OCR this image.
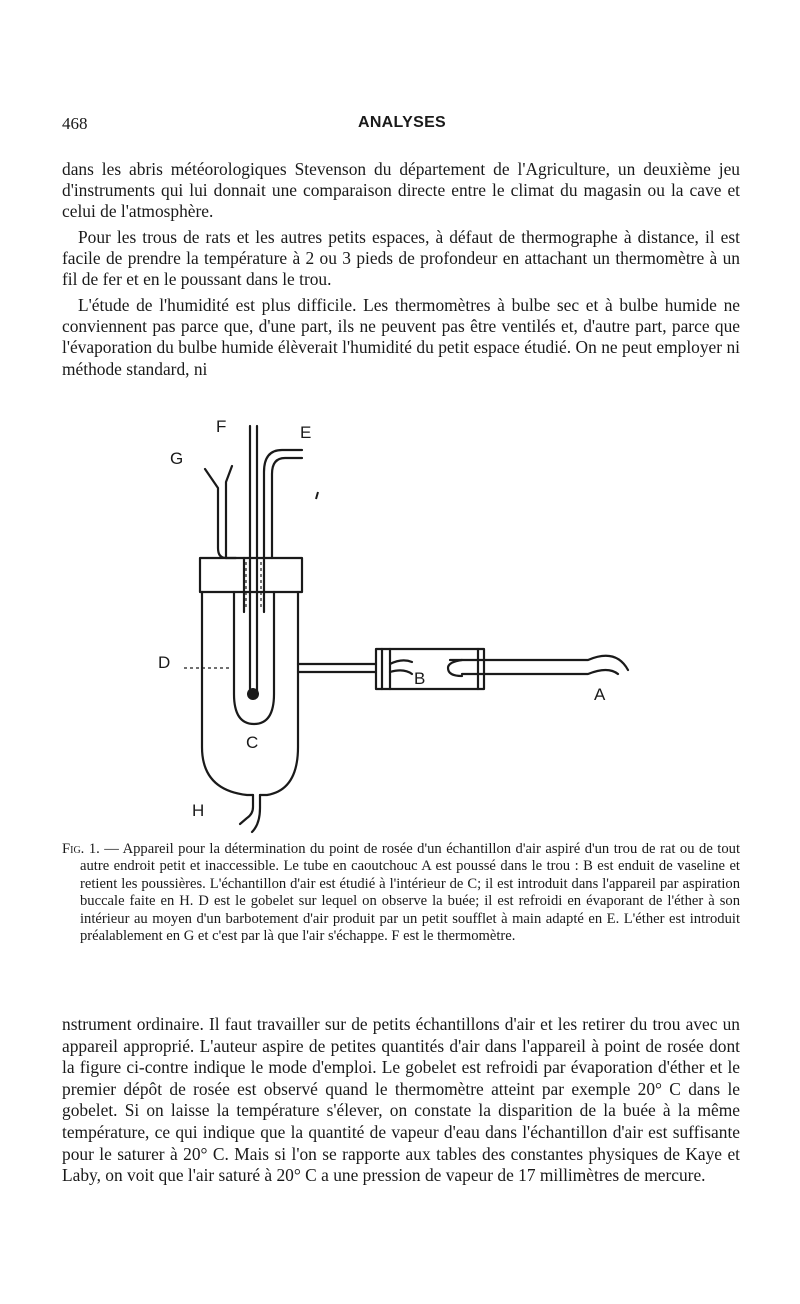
468	ANALYSES

dans les abris météorologiques Stevenson du département de l'Agriculture, un deuxième jeu d'instruments qui lui donnait une comparaison directe entre le climat du magasin ou la cave et celui de l'atmosphère.

Pour les trous de rats et les autres petits espaces, à défaut de thermographe à distance, il est facile de prendre la température à 2 ou 3 pieds de profondeur en attachant un thermomètre à un fil de fer et en le poussant dans le trou.

L'étude de l'humidité est plus difficile. Les thermomètres à bulbe sec et à bulbe humide ne conviennent pas parce que, d'une part, ils ne peuvent pas être ventilés et, d'autre part, parce que l'évaporation du bulbe humide élèverait l'humidité du petit espace étudié. On ne peut employer ni méthode standard, ni

F	E
G
D
B
A
C
H

Fig. 1. — Appareil pour la détermination du point de rosée d'un échantillon d'air aspiré d'un trou de rat ou de tout autre endroit petit et inaccessible. Le tube en caoutchouc A est poussé dans le trou : B est enduit de vaseline et retient les poussières. L'échantillon d'air est étudié à l'intérieur de C; il est introduit dans l'appareil par aspiration buccale faite en H. D est le gobelet sur lequel on observe la buée; il est refroidi en évaporant de l'éther à son intérieur au moyen d'un barbotement d'air produit par un petit soufflet à main adapté en E. L'éther est introduit préalablement en G et c'est par là que l'air s'échappe. F est le thermomètre.

nstrument ordinaire. Il faut travailler sur de petits échantillons d'air et les retirer du trou avec un appareil approprié. L'auteur aspire de petites quantités d'air dans l'appareil à point de rosée dont la figure ci-contre indique le mode d'emploi. Le gobelet est refroidi par évaporation d'éther et le premier dépôt de rosée est observé quand le thermomètre atteint par exemple 20° C dans le gobelet. Si on laisse la température s'élever, on constate la disparition de la buée à la même température, ce qui indique que la quantité de vapeur d'eau dans l'échantillon d'air est suffisante pour le saturer à 20° C. Mais si l'on se rapporte aux tables des constantes physiques de Kaye et Laby, on voit que l'air saturé à 20° C a une pression de vapeur de 17 millimètres de mercure.
